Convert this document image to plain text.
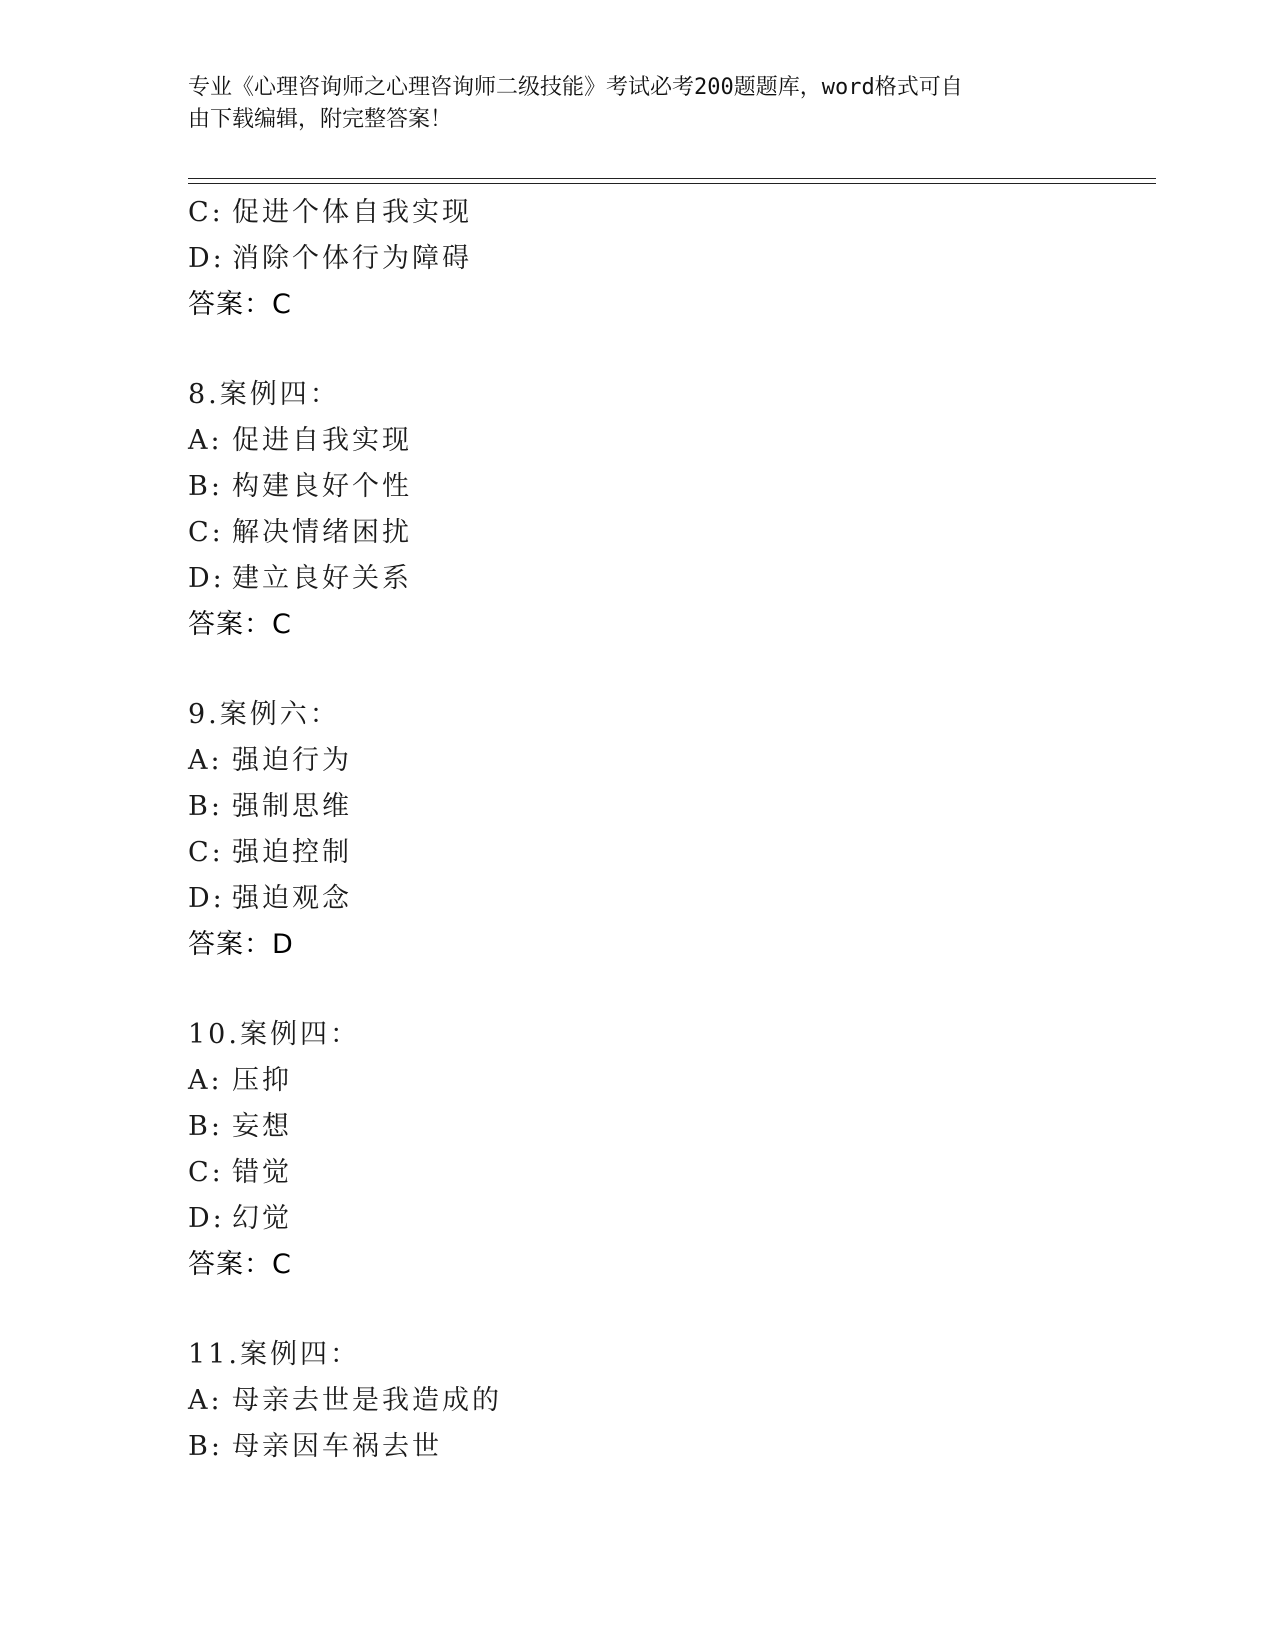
专业《心理咨询师之心理咨询师二级技能》考试必考200题题库，word格式可自
由下载编辑，附完整答案！
C: 促进个体自我实现
D: 消除个体行为障碍
答案：C
8.案例四：
A: 促进自我实现
B: 构建良好个性
C: 解决情绪困扰
D: 建立良好关系
答案：C
9.案例六：
A: 强迫行为
B: 强制思维
C: 强迫控制
D: 强迫观念
答案：D
10.案例四：
A: 压抑
B: 妄想
C: 错觉
D: 幻觉
答案：C
11.案例四：
A: 母亲去世是我造成的
B: 母亲因车祸去世
